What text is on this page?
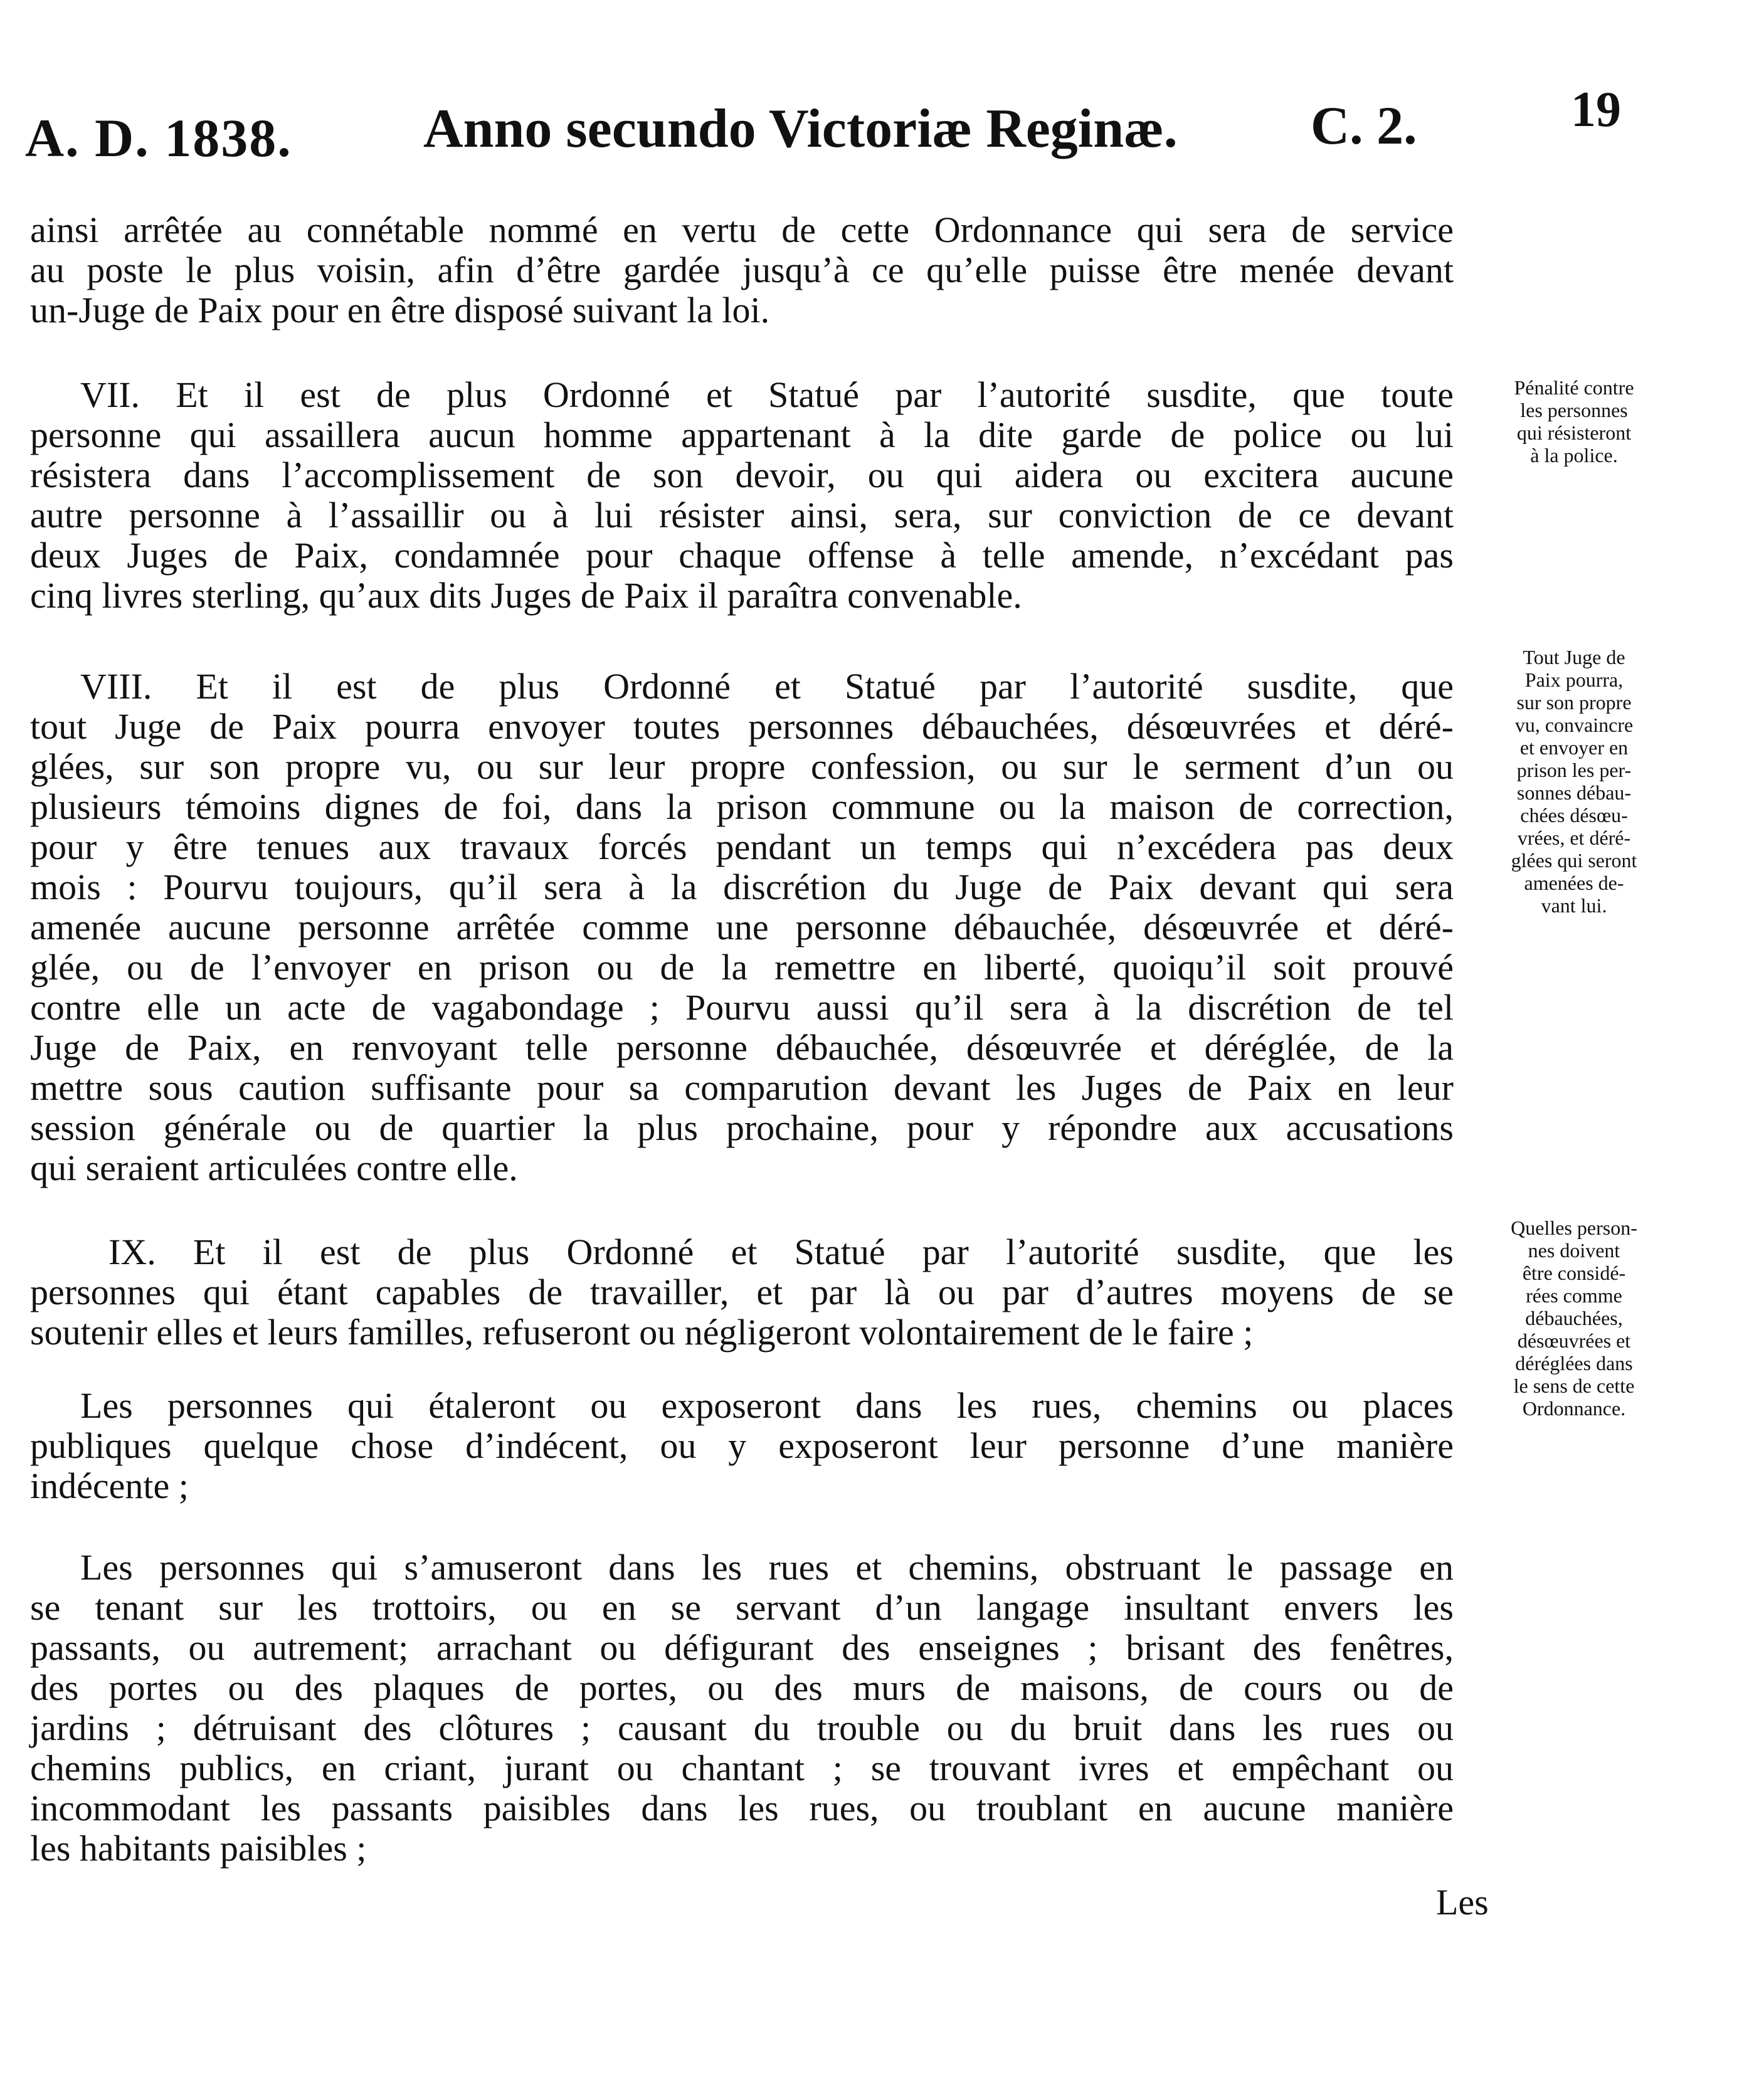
A. D. 1838. Anno secundo Victoriæ Reginæ. C. 2.	19
ainsi arrêtée au connétable nommé en vertu de cette Ordonnance qui sera de service
au poste le plus voisin, afin d’être gardée jusqu’à ce qu’elle puisse être menée devant
un-Juge de Paix pour en être disposé suivant la loi.
VII. Et il est de plus Ordonné et Statué par l’autorité susdite, que toute
personne qui assaillera aucun homme appartenant à la dite garde de police ou lui
résistera dans l’accomplissement de son devoir, ou qui aidera ou excitera aucune
autre personne à l’assaillir ou à lui résister ainsi, sera, sur conviction de ce devant
deux Juges de Paix, condamnée pour chaque offense à telle amende, n’excédant pas
cinq livres sterling, qu’aux dits Juges de Paix il paraîtra convenable.
Pénalité contre
les personnes
qui résisteront
à la police.
VIII. Et il est de plus Ordonné et Statué par l’autorité susdite, que
tout Juge de Paix pourra envoyer toutes personnes débauchées, désœuvrées et déré-
glées, sur son propre vu, ou sur leur propre confession, ou sur le serment d’un ou
plusieurs témoins dignes de foi, dans la prison commune ou la maison de correction,
pour y être tenues aux travaux forcés pendant un temps qui n’excédera pas deux
mois : Pourvu toujours, qu’il sera à la discrétion du Juge de Paix devant qui sera
amenée aucune personne arrêtée comme une personne débauchée, désœuvrée et déré-
glée, ou de l’envoyer en prison ou de la remettre en liberté, quoiqu’il soit prouvé
contre elle un acte de vagabondage ; Pourvu aussi qu’il sera à la discrétion de tel
Juge de Paix, en renvoyant telle personne débauchée, désœuvrée et déréglée, de la
mettre sous caution suffisante pour sa comparution devant les Juges de Paix en leur
session générale ou de quartier la plus prochaine, pour y répondre aux accusations
qui seraient articulées contre elle.
Tout Juge de
Paix pourra,
sur son propre
vu, convaincre
et envoyer en
prison les per-
sonnes débau-
chées désœu-
vrées, et déré-
glées qui seront
amenées de-
vant lui.
IX. Et il est de plus Ordonné et Statué par l’autorité susdite, que les
personnes qui étant capables de travailler, et par là ou par d’autres moyens de se
soutenir elles et leurs familles, refuseront ou négligeront volontairement de le faire ;
Quelles person-
nes doivent
être considé-
rées comme
débauchées,
désœuvrées et
déréglées dans
le sens de cette
Ordonnance.
Les personnes qui étaleront ou exposeront dans les rues, chemins ou places
publiques quelque chose d’indécent, ou y exposeront leur personne d’une manière
indécente ;
Les personnes qui s’amuseront dans les rues et chemins, obstruant le passage en
se tenant sur les trottoirs, ou en se servant d’un langage insultant envers les
passants, ou autrement; arrachant ou défigurant des enseignes ; brisant des fenêtres,
des portes ou des plaques de portes, ou des murs de maisons, de cours ou de
jardins ; détruisant des clôtures ; causant du trouble ou du bruit dans les rues ou
chemins publics, en criant, jurant ou chantant ; se trouvant ivres et empêchant ou
incommodant les passants paisibles dans les rues, ou troublant en aucune manière
les habitants paisibles ;
Les
